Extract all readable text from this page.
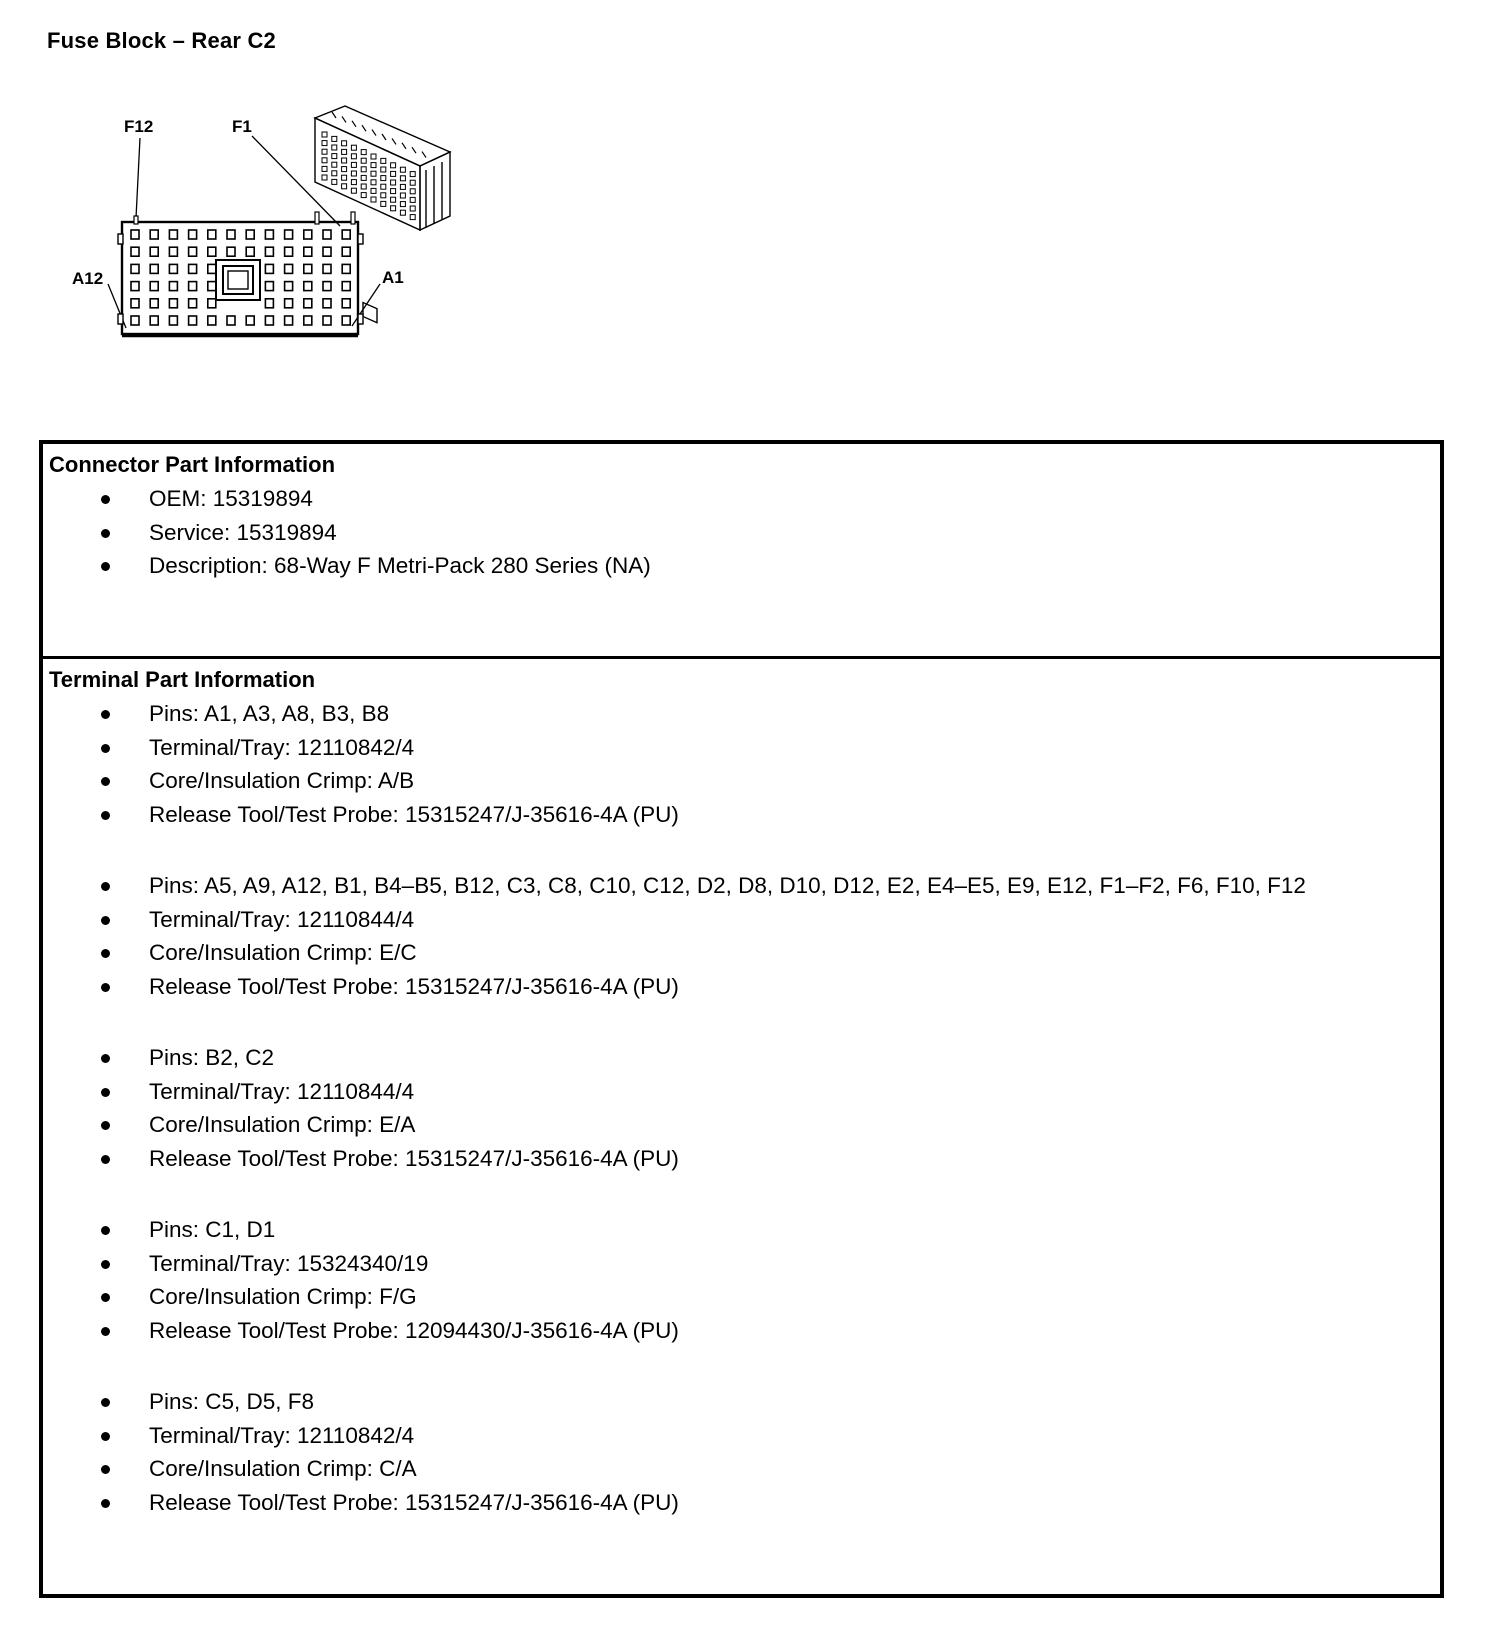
Fuse Block – Rear C2
F12	F1
A12	A1
Connector Part Information
OEM: 15319894
Service: 15319894
Description: 68-Way F Metri-Pack 280 Series (NA)
Terminal Part Information
Pins: A1, A3, A8, B3, B8
Terminal/Tray: 12110842/4
Core/Insulation Crimp: A/B
Release Tool/Test Probe: 15315247/J-35616-4A (PU)
Pins: A5, A9, A12, B1, B4–B5, B12, C3, C8, C10, C12, D2, D8, D10, D12, E2, E4–E5, E9, E12, F1–F2, F6, F10, F12
Terminal/Tray: 12110844/4
Core/Insulation Crimp: E/C
Release Tool/Test Probe: 15315247/J-35616-4A (PU)
Pins: B2, C2
Terminal/Tray: 12110844/4
Core/Insulation Crimp: E/A
Release Tool/Test Probe: 15315247/J-35616-4A (PU)
Pins: C1, D1
Terminal/Tray: 15324340/19
Core/Insulation Crimp: F/G
Release Tool/Test Probe: 12094430/J-35616-4A (PU)
Pins: C5, D5, F8
Terminal/Tray: 12110842/4
Core/Insulation Crimp: C/A
Release Tool/Test Probe: 15315247/J-35616-4A (PU)
